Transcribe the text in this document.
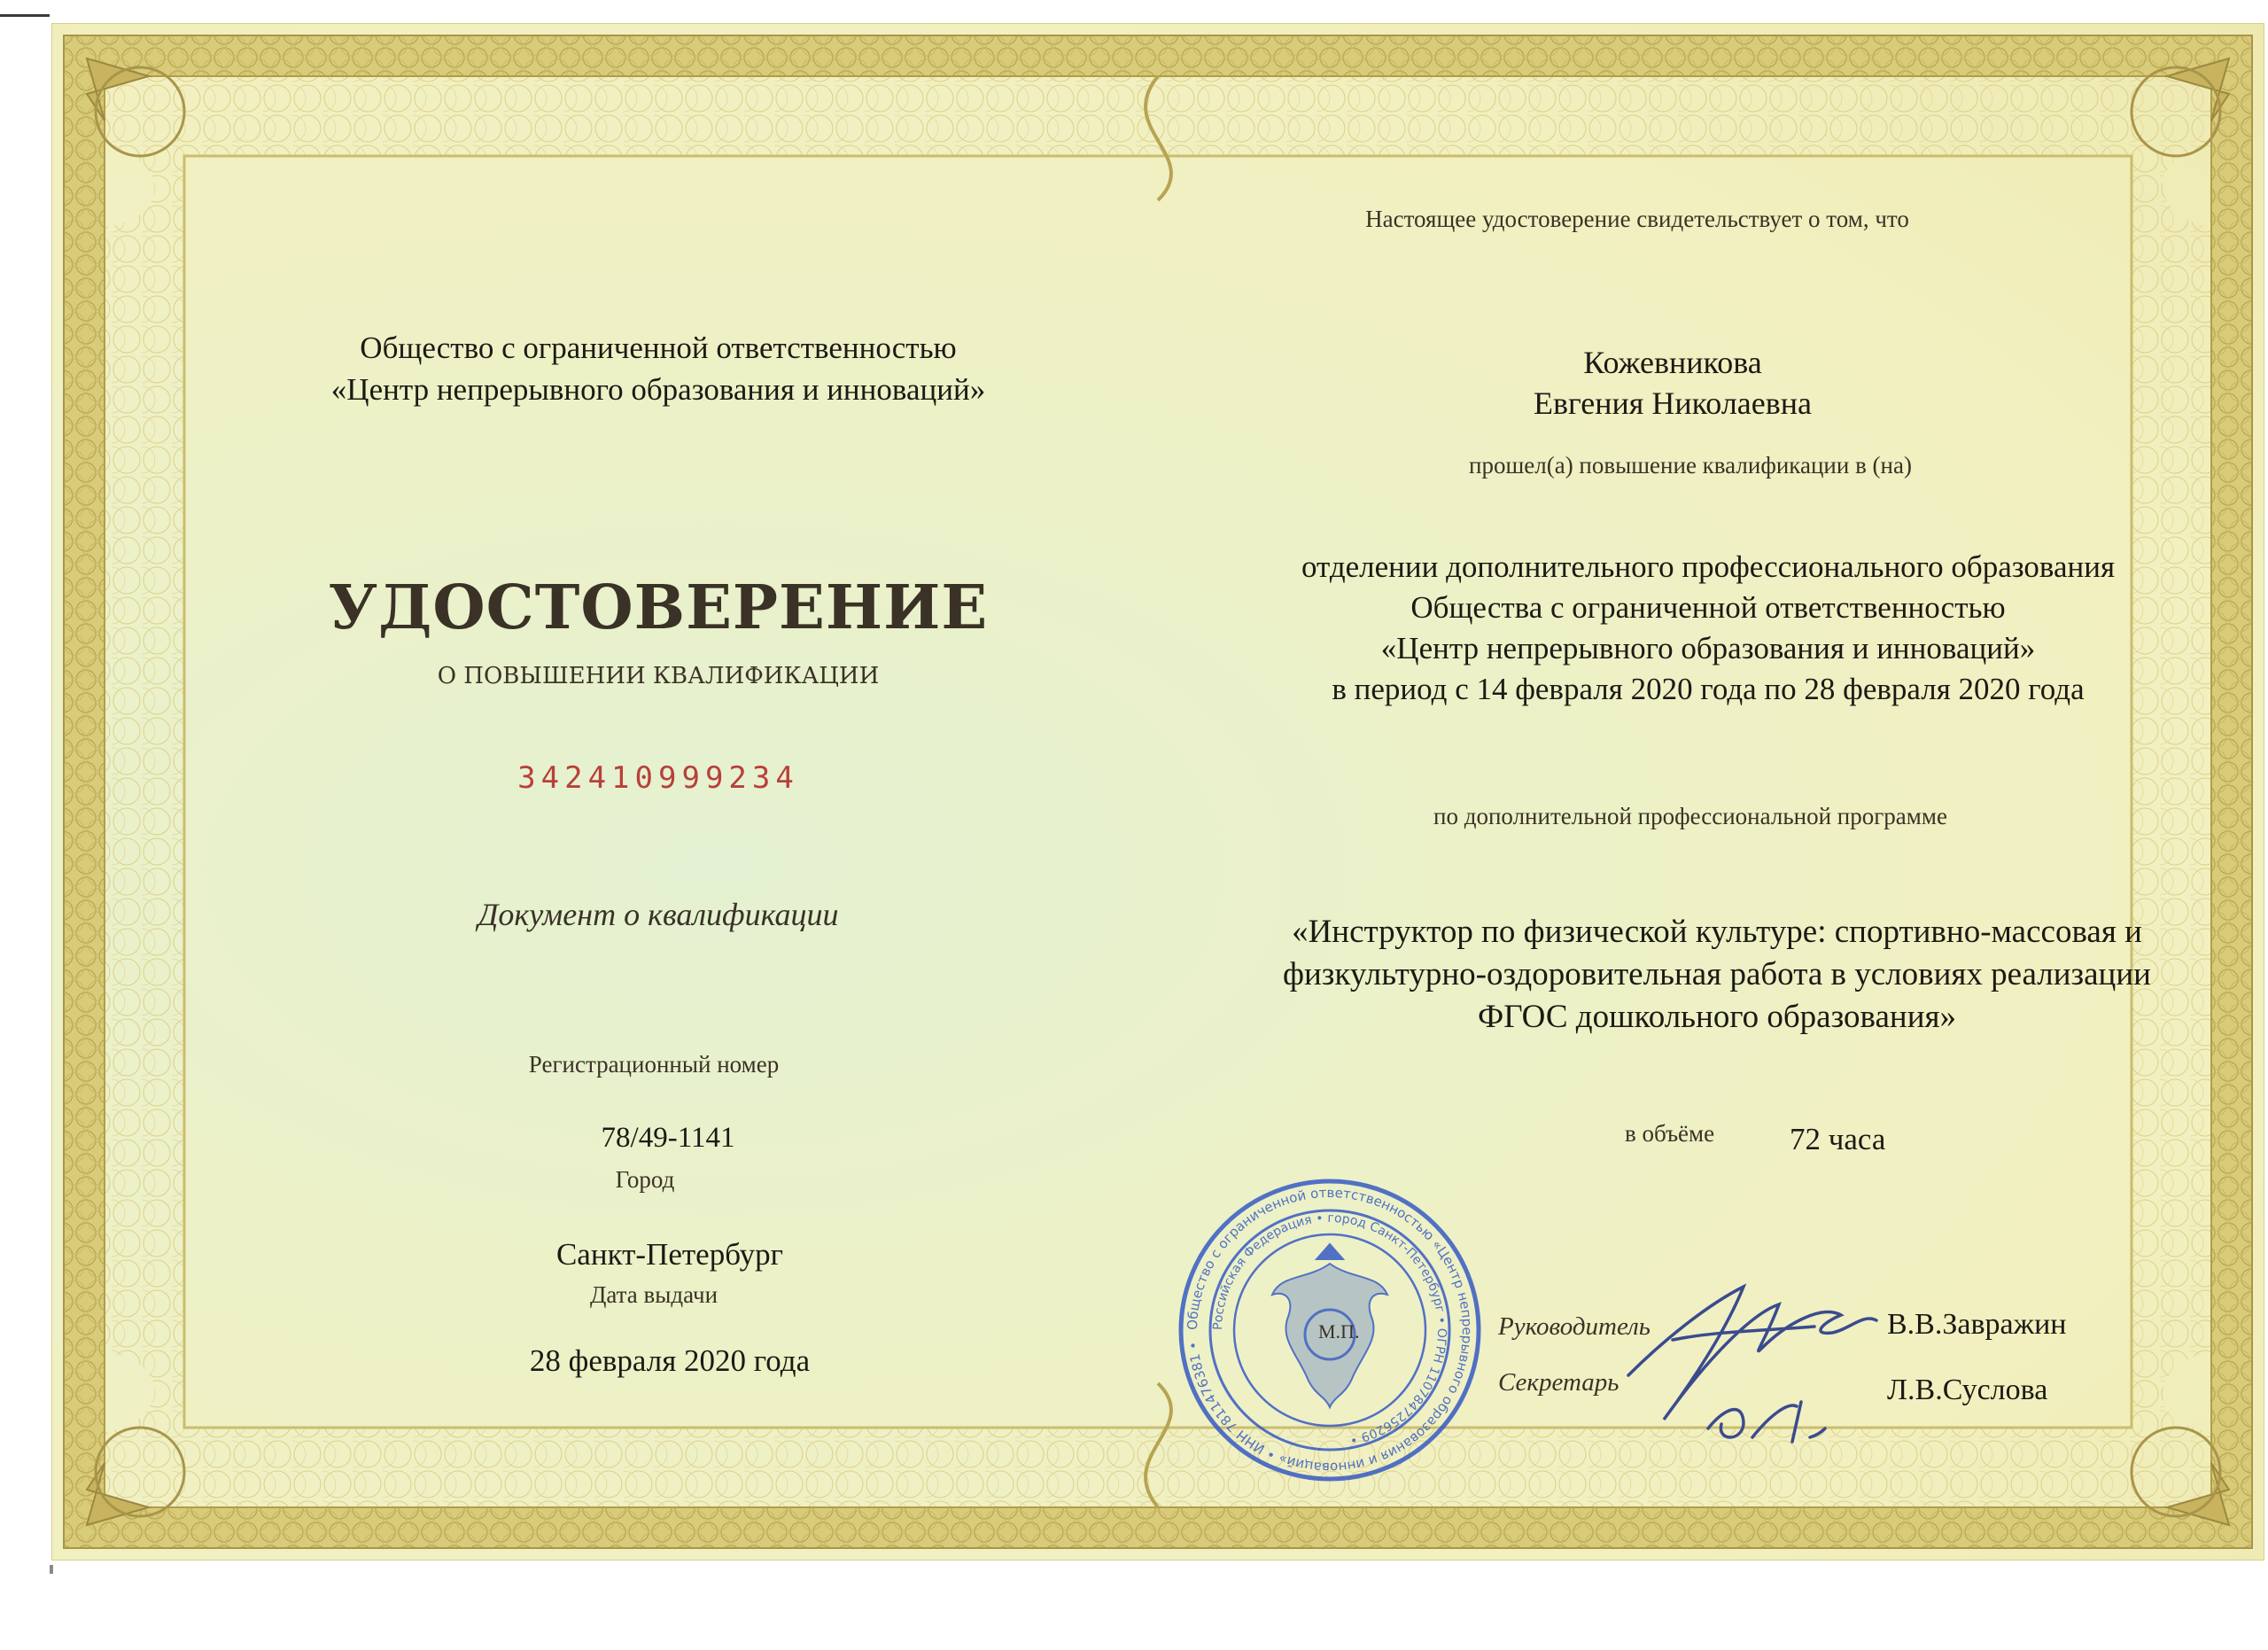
Общество с ограниченной ответственностью
«Центр непрерывного образования и инноваций»
УДОСТОВЕРЕНИЕ
О ПОВЫШЕНИИ КВАЛИФИКАЦИИ
342410999234
Документ о квалификации
Регистрационный номер
78/49-1141
Город
Санкт-Петербург
Дата выдачи
28 февраля 2020 года
Настоящее удостоверение свидетельствует о том, что
Кожевникова
Евгения Николаевна
прошел(а) повышение квалификации в (на)
отделении дополнительного профессионального образования
Общества с ограниченной ответственностью
«Центр непрерывного образования и инноваций»
в период с 14 февраля 2020 года по 28 февраля 2020 года
по дополнительной профессиональной программе
«Инструктор по физической культуре: спортивно-массовая и
физкультурно-оздоровительная работа в условиях реализации
ФГОС дошкольного образования»
в объёме 72 часа
Общество с ограниченной ответственностью «Центр непрерывного образования и инноваций» • ИНН 7811476381 •
Российская Федерация • город Санкт-Петербург • ОГРН 1107847256209 •
М.П.	Руководитель
Секретарь
В.В.Завражин
Л.В.Суслова
